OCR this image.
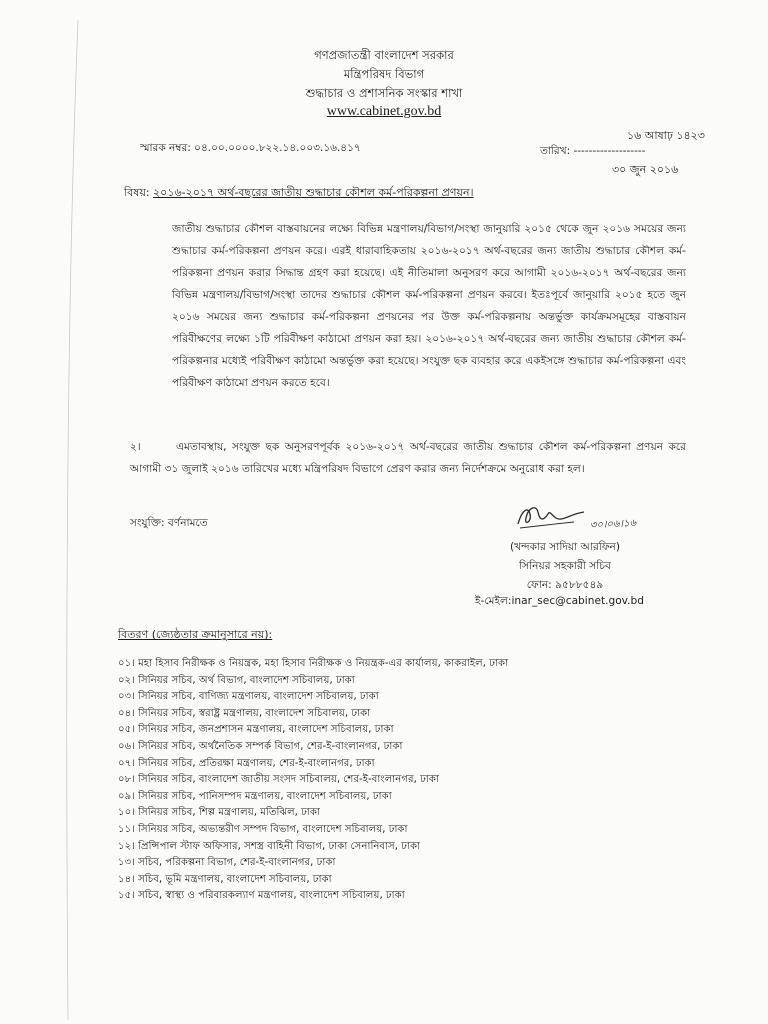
গণপ্রজাতন্ত্রী বাংলাদেশ সরকার
মন্ত্রিপরিষদ বিভাগ
শুদ্ধাচার ও প্রশাসনিক সংস্কার শাখা
www.cabinet.gov.bd
স্মারক নম্বর: ০৪.০০.০০০০.৮২২.১৪.০০৩.১৬.৪১৭
১৬ আষাঢ় ১৪২৩
তারিখ: -------------------
৩০ জুন ২০১৬
বিষয়: ২০১৬-২০১৭ অর্থ-বছরের জাতীয় শুদ্ধাচার কৌশল কর্ম-পরিকল্পনা প্রণয়ন।
জাতীয় শুদ্ধাচার কৌশল বাস্তবায়নের লক্ষ্যে বিভিন্ন মন্ত্রণালয়/বিভাগ/সংস্থা জানুয়ারি ২০১৫ থেকে জুন ২০১৬ সময়ের জন্য শুদ্ধাচার কর্ম-পরিকল্পনা প্রণয়ন করে। এরই ধারাবাহিকতায় ২০১৬-২০১৭ অর্থ-বছরের জন্য জাতীয় শুদ্ধাচার কৌশল কর্ম-পরিকল্পনা প্রণয়ন করার সিদ্ধান্ত গ্রহণ করা হয়েছে। এই নীতিমালা অনুসরণ করে আগামী ২০১৬-২০১৭ অর্থ-বছরের জন্য বিভিন্ন মন্ত্রণালয়/বিভাগ/সংস্থা তাদের শুদ্ধাচার কৌশল কর্ম-পরিকল্পনা প্রণয়ন করবে। ইতঃপূর্বে জানুয়ারি ২০১৫ হতে জুন ২০১৬ সময়ের জন্য শুদ্ধাচার কর্ম-পরিকল্পনা প্রণয়নের পর উক্ত কর্ম-পরিকল্পনায় অন্তর্ভুক্ত কার্যক্রমসমূহের বাস্তবায়ন পরিবীক্ষণের লক্ষ্যে ১টি পরিবীক্ষণ কাঠামো প্রণয়ন করা হয়। ২০১৬-২০১৭ অর্থ-বছরের জন্য জাতীয় শুদ্ধাচার কৌশল কর্ম-পরিকল্পনার মধ্যেই পরিবীক্ষণ কাঠামো অন্তর্ভুক্ত করা হয়েছে। সংযুক্ত ছক ব্যবহার করে একইসঙ্গে শুদ্ধাচার কর্ম-পরিকল্পনা এবং পরিবীক্ষণ কাঠামো প্রণয়ন করতে হবে।
২।	এমতাবস্থায়, সংযুক্ত ছক অনুসরণপূর্বক ২০১৬-২০১৭ অর্থ-বছরের জাতীয় শুদ্ধাচার কৌশল কর্ম-পরিকল্পনা প্রণয়ন করে আগামী ৩১ জুলাই ২০১৬ তারিখের মধ্যে মন্ত্রিপরিষদ বিভাগে প্রেরণ করার জন্য নির্দেশক্রমে অনুরোধ করা হল।
সংযুক্তি: বর্ণনামতে	৩০।০৬।১৬
(খন্দকার সাদিয়া আরফিন)
সিনিয়র সহকারী সচিব
ফোন: ৯৫৮৮৫৪৯
ই-মেইল:inar_sec@cabinet.gov.bd
বিতরণ (জ্যেষ্ঠতার ক্রমানুসারে নয়):
০১। মহা হিসাব নিরীক্ষক ও নিয়ন্ত্রক, মহা হিসাব নিরীক্ষক ও নিয়ন্ত্রক-এর কার্যালয়, কাকরাইল, ঢাকা
০২। সিনিয়র সচিব, অর্থ বিভাগ, বাংলাদেশ সচিবালয়, ঢাকা
০৩। সিনিয়র সচিব, বাণিজ্য মন্ত্রণালয়, বাংলাদেশ সচিবালয়, ঢাকা
০৪। সিনিয়র সচিব, স্বরাষ্ট্র মন্ত্রণালয়, বাংলাদেশ সচিবালয়, ঢাকা
০৫। সিনিয়র সচিব, জনপ্রশাসন মন্ত্রণালয়, বাংলাদেশ সচিবালয়, ঢাকা
০৬। সিনিয়র সচিব, অর্থনৈতিক সম্পর্ক বিভাগ, শের-ই-বাংলানগর, ঢাকা
০৭। সিনিয়র সচিব, প্রতিরক্ষা মন্ত্রণালয়, শের-ই-বাংলানগর, ঢাকা
০৮। সিনিয়র সচিব, বাংলাদেশ জাতীয় সংসদ সচিবালয়, শের-ই-বাংলানগর, ঢাকা
০৯। সিনিয়র সচিব, পানিসম্পদ মন্ত্রণালয়, বাংলাদেশ সচিবালয়, ঢাকা
১০। সিনিয়র সচিব, শিল্প মন্ত্রণালয়, মতিঝিল, ঢাকা
১১। সিনিয়র সচিব, অভ্যন্তরীণ সম্পদ বিভাগ, বাংলাদেশ সচিবালয়, ঢাকা
১২। প্রিন্সিপাল স্টাফ অফিসার, সশস্ত্র বাহিনী বিভাগ, ঢাকা সেনানিবাস, ঢাকা
১৩। সচিব, পরিকল্পনা বিভাগ, শের-ই-বাংলানগর, ঢাকা
১৪। সচিব, ভূমি মন্ত্রণালয়, বাংলাদেশ সচিবালয়, ঢাকা
১৫। সচিব, স্বাস্থ্য ও পরিবারকল্যাণ মন্ত্রণালয়, বাংলাদেশ সচিবালয়, ঢাকা
